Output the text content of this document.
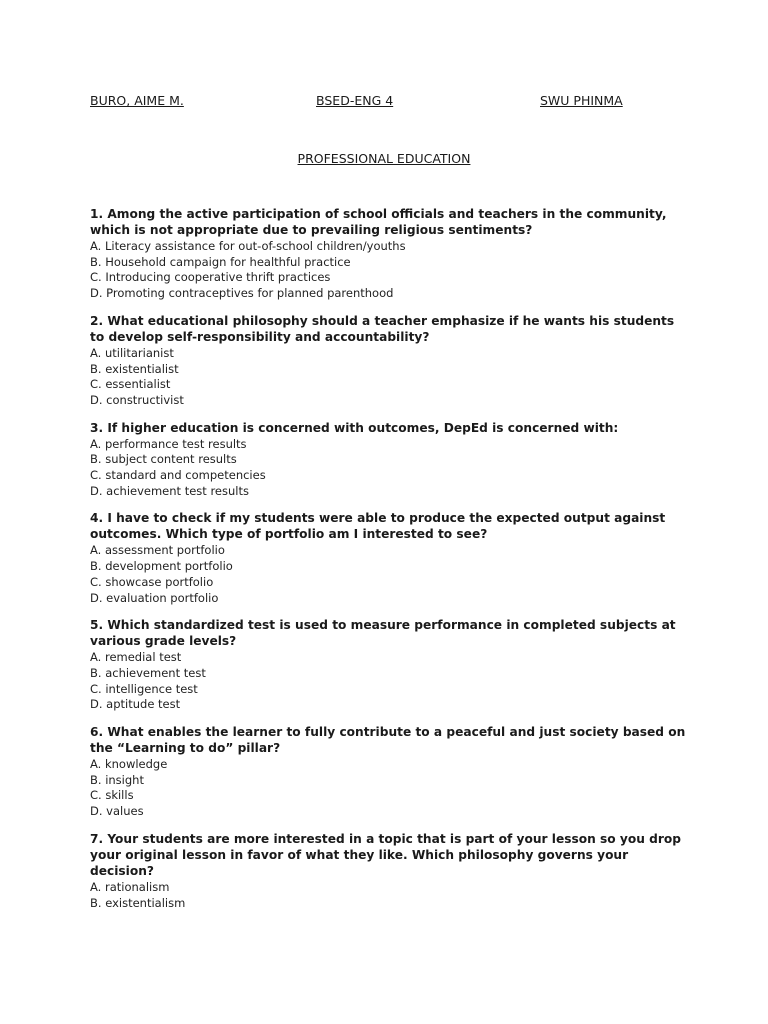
BURO, AIME M.	BSED-ENG 4	SWU PHINMA
PROFESSIONAL EDUCATION

1. Among the active participation of school officials and teachers in the community, which is not appropriate due to prevailing religious sentiments?

A. Literacy assistance for out-of-school children/youths
B. Household campaign for healthful practice
C. Introducing cooperative thrift practices
D. Promoting contraceptives for planned parenthood

2. What educational philosophy should a teacher emphasize if he wants his students to develop self-responsibility and accountability?

A. utilitarianist
B. existentialist
C. essentialist
D. constructivist

3. If higher education is concerned with outcomes, DepEd is concerned with:

A. performance test results
B. subject content results
C. standard and competencies
D. achievement test results

4. I have to check if my students were able to produce the expected output against outcomes. Which type of portfolio am I interested to see?

A. assessment portfolio
B. development portfolio
C. showcase portfolio
D. evaluation portfolio

5. Which standardized test is used to measure performance in completed subjects at various grade levels?

A. remedial test
B. achievement test
C. intelligence test
D. aptitude test

6. What enables the learner to fully contribute to a peaceful and just society based on the “Learning to do” pillar?

A. knowledge
B. insight
C. skills
D. values

7. Your students are more interested in a topic that is part of your lesson so you drop your original lesson in favor of what they like. Which philosophy governs your decision?

A. rationalism
B. existentialism
